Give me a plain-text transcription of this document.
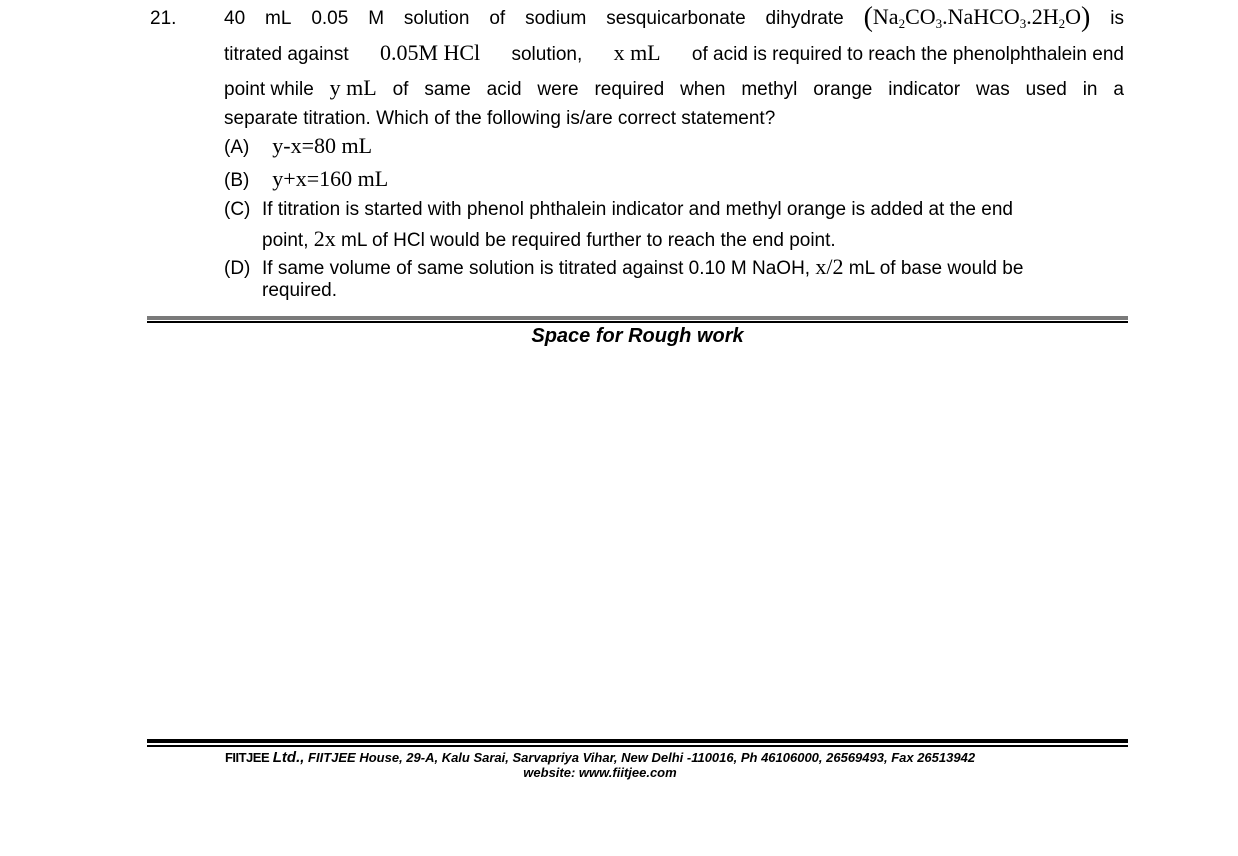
21.	40 mL 0.05 M solution of sodium sesquicarbonate dihydrate $(Na_2CO_3.NaHCO_3.2H_2O)$ is
titrated against 0.05M HCl solution, x mL of acid is required to reach the phenolphthalein end
point while y mL of same acid were required when methyl orange indicator was used in a
separate titration. Which of the following is/are correct statement?
(A) y-x=80 mL
(B) y+x=160 mL
(C) If titration is started with phenol phthalein indicator and methyl orange is added at the end
point, 2x mL of HCl would be required further to reach the end point.
(D) If same volume of same solution is titrated against 0.10 M NaOH, x/2 mL of base would be
required.
Space for Rough work
FIITJEE Ltd., FIITJEE House, 29-A, Kalu Sarai, Sarvapriya Vihar, New Delhi -110016, Ph 46106000, 26569493, Fax 26513942
website: www.fiitjee.com
